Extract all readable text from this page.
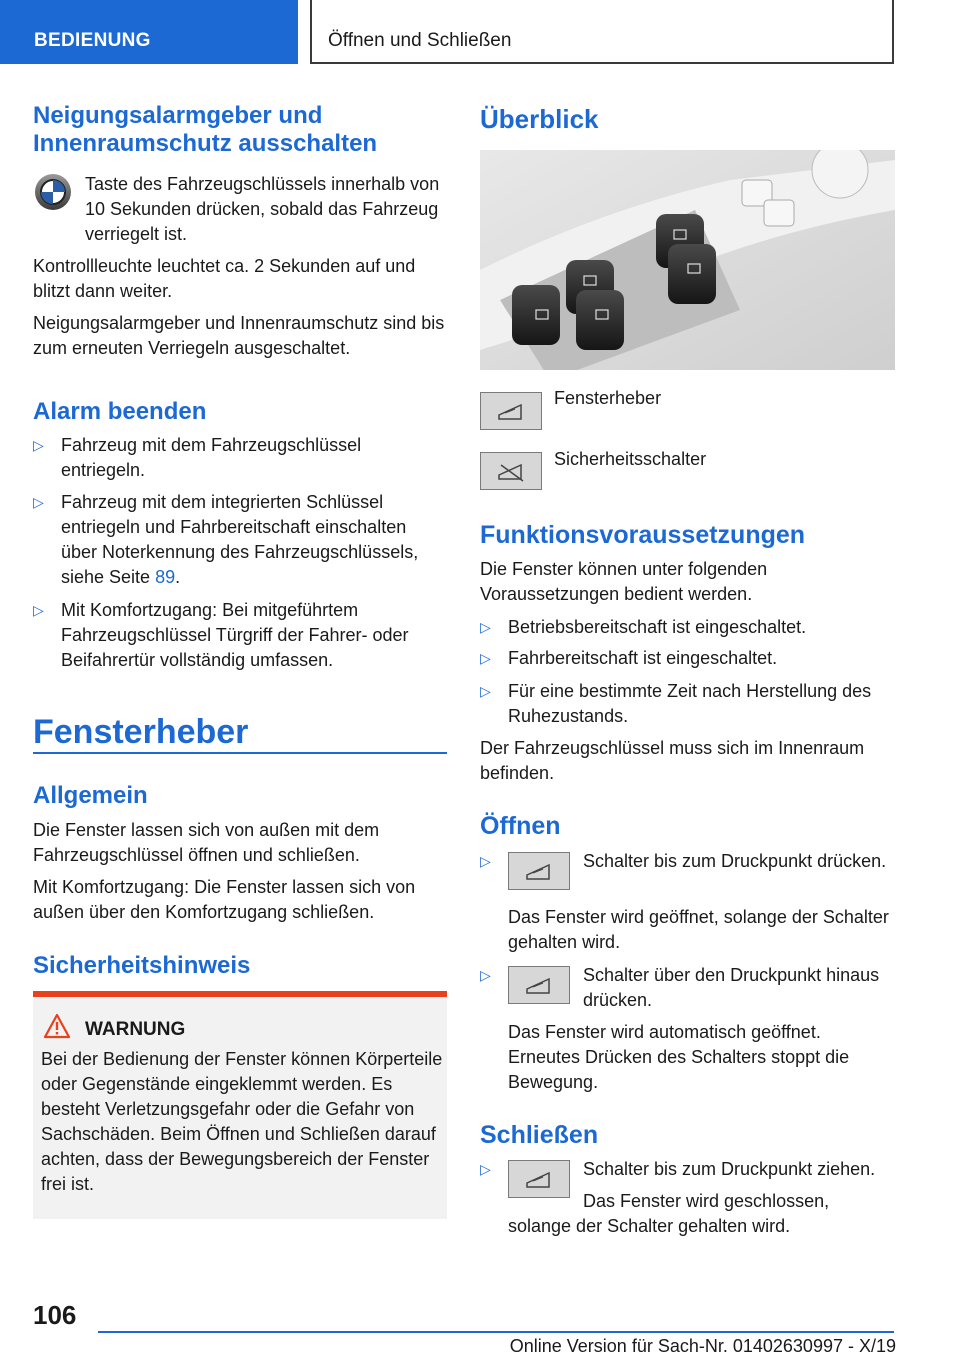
BEDIENUNG	Öffnen und Schließen
Neigungsalarmgeber und Innenraumschutz ausschalten

Taste des Fahrzeugschlüssels innerhalb von 10 Sekunden drücken, sobald das Fahrzeug verriegelt ist.

Kontrollleuchte leuchtet ca. 2 Sekunden auf und blitzt dann weiter.

Neigungsalarmgeber und Innenraumschutz sind bis zum erneuten Verriegeln ausgeschaltet.

Alarm beenden
▷ Fahrzeug mit dem Fahrzeugschlüssel entriegeln.
▷ Fahrzeug mit dem integrierten Schlüssel entriegeln und Fahrbereitschaft einschalten über Noterkennung des Fahrzeugschlüssels, siehe Seite 89.
▷ Mit Komfortzugang: Bei mitgeführtem Fahrzeugschlüssel Türgriff der Fahrer- oder Beifahrertür vollständig umfassen.
Fensterheber
Allgemein

Die Fenster lassen sich von außen mit dem Fahrzeugschlüssel öffnen und schließen.

Mit Komfortzugang: Die Fenster lassen sich von außen über den Komfortzugang schließen.

Sicherheitshinweis
WARNUNG
Bei der Bedienung der Fenster können Körperteile oder Gegenstände eingeklemmt werden. Es besteht Verletzungsgefahr oder die Gefahr von Sachschäden. Beim Öffnen und Schließen darauf achten, dass der Bewegungsbereich der Fenster frei ist.
Überblick

Fensterheber

Sicherheitsschalter

Funktionsvoraussetzungen

Die Fenster können unter folgenden Voraussetzungen bedient werden.

▷ Betriebsbereitschaft ist eingeschaltet.
▷ Fahrbereitschaft ist eingeschaltet.
▷ Für eine bestimmte Zeit nach Herstellung des Ruhezustands.

Der Fahrzeugschlüssel muss sich im Innenraum befinden.

Öffnen
▷	Schalter bis zum Druckpunkt drücken.

Das Fenster wird geöffnet, solange der Schalter gehalten wird.

▷	Schalter über den Druckpunkt hinaus drücken.

Das Fenster wird automatisch geöffnet. Erneutes Drücken des Schalters stoppt die Bewegung.

Schließen
▷	Schalter bis zum Druckpunkt ziehen.

Das Fenster wird geschlossen, solange der Schalter gehalten wird.

106
Online Version für Sach-Nr. 01402630997 - X/19
